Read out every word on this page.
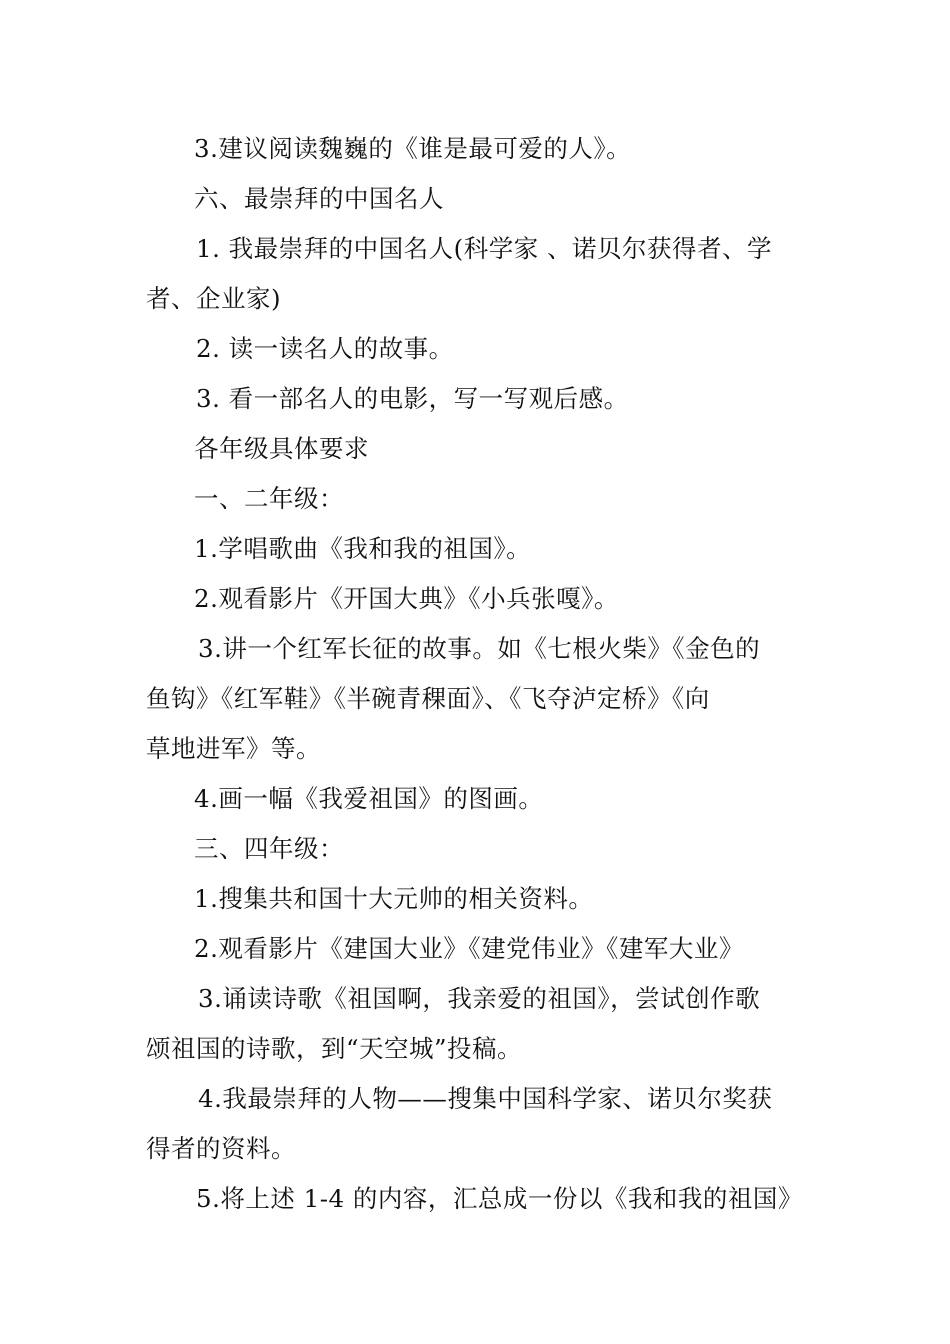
3.建议阅读魏巍的《谁是最可爱的人》。
六、最崇拜的中国名人
1. 我最崇拜的中国名人(科学家 、诺贝尔获得者、学
者、企业家)
2. 读一读名人的故事。
3. 看一部名人的电影，写一写观后感。
各年级具体要求
一、二年级：
1.学唱歌曲《我和我的祖国》。
2.观看影片《开国大典》《小兵张嘎》。
3.讲一个红军长征的故事。如《七根火柴》《金色的
鱼钩》《红军鞋》《半碗青稞面》、《飞夺泸定桥》《向
草地进军》等。
4.画一幅《我爱祖国》的图画。
三、四年级：
1.搜集共和国十大元帅的相关资料。
2.观看影片《建国大业》《建党伟业》《建军大业》
3.诵读诗歌《祖国啊，我亲爱的祖国》，尝试创作歌
颂祖国的诗歌，到“天空城”投稿。
4.我最崇拜的人物——搜集中国科学家、诺贝尔奖获
得者的资料。
5.将上述 1-4 的内容，汇总成一份以《我和我的祖国》
